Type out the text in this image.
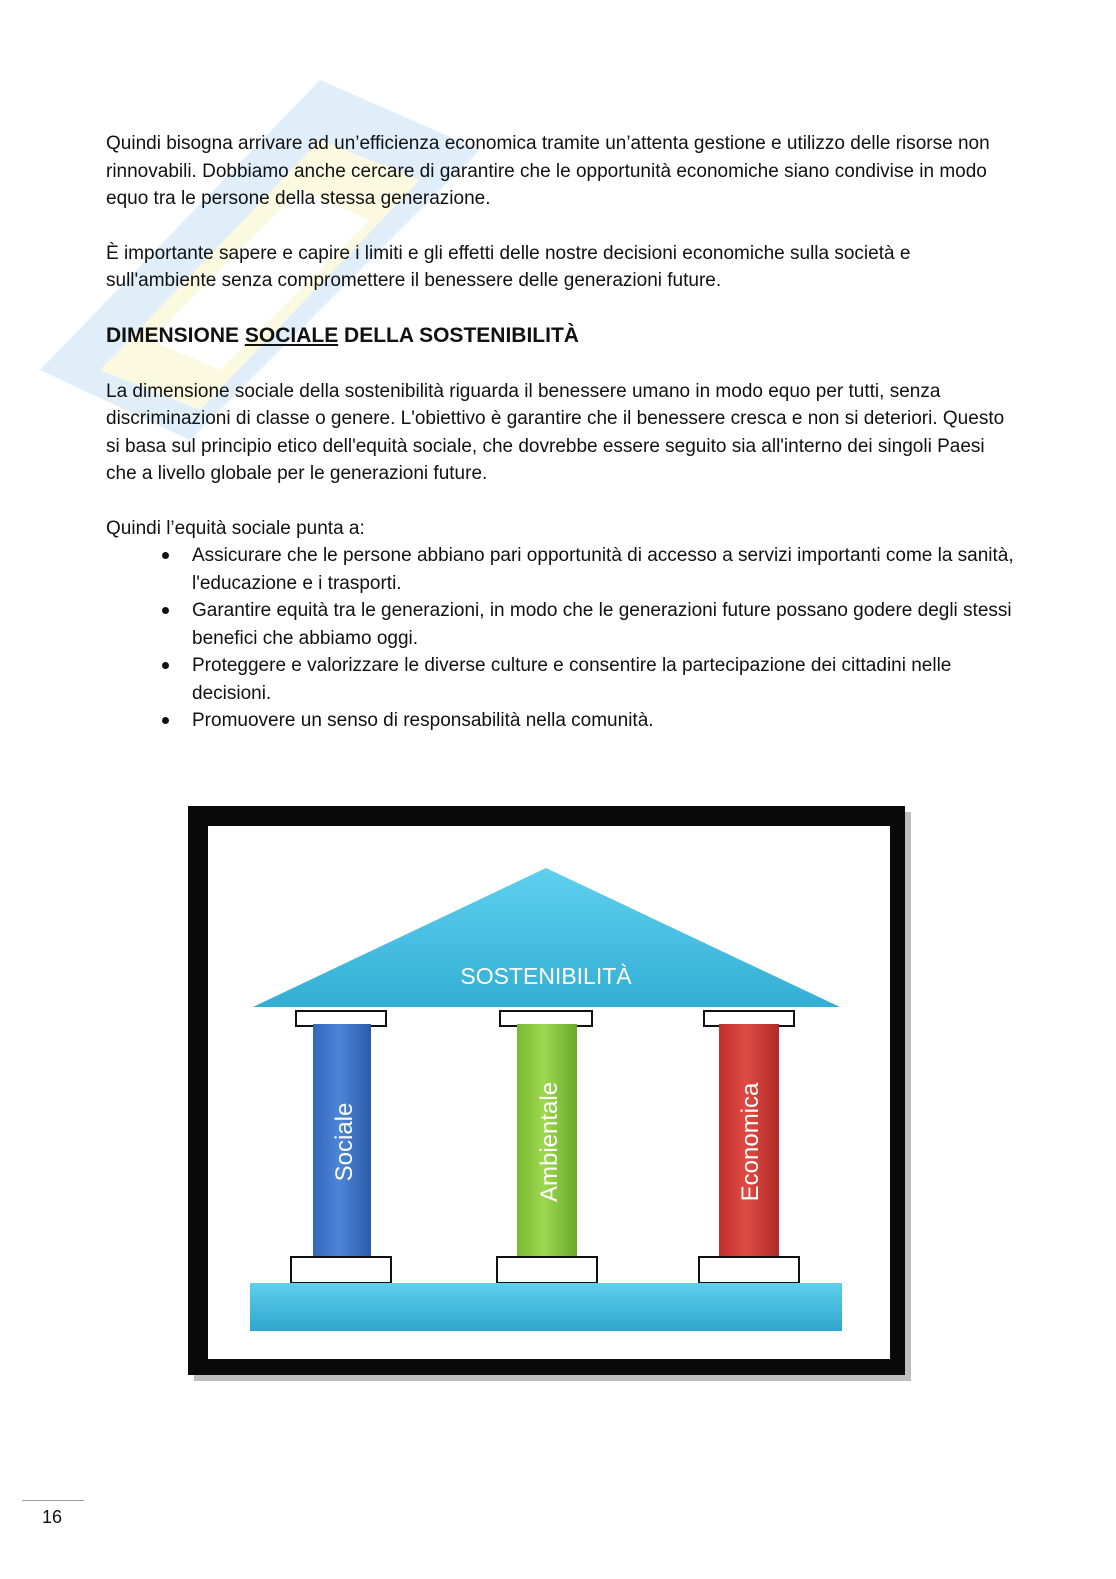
Quindi bisogna arrivare ad un’efficienza economica tramite un’attenta gestione e utilizzo delle risorse non rinnovabili. Dobbiamo anche cercare di garantire che le opportunità economiche siano condivise in modo equo tra le persone della stessa generazione.

È importante sapere e capire i limiti e gli effetti delle nostre decisioni economiche sulla società e sull'ambiente senza compromettere il benessere delle generazioni future.

DIMENSIONE SOCIALE DELLA SOSTENIBILITÀ

La dimensione sociale della sostenibilità riguarda il benessere umano in modo equo per tutti, senza discriminazioni di classe o genere. L'obiettivo è garantire che il benessere cresca e non si deteriori. Questo si basa sul principio etico dell'equità sociale, che dovrebbe essere seguito sia all'interno dei singoli Paesi che a livello globale per le generazioni future.

Quindi l’equità sociale punta a:

Assicurare che le persone abbiano pari opportunità di accesso a servizi importanti come la sanità, l'educazione e i trasporti.
Garantire equità tra le generazioni, in modo che le generazioni future possano godere degli stessi benefici che abbiamo oggi.
Proteggere e valorizzare le diverse culture e consentire la partecipazione dei cittadini nelle decisioni.
Promuovere un senso di responsabilità nella comunità.
SOSTENIBILITÀ
Sociale	Ambientale	Economica
16
